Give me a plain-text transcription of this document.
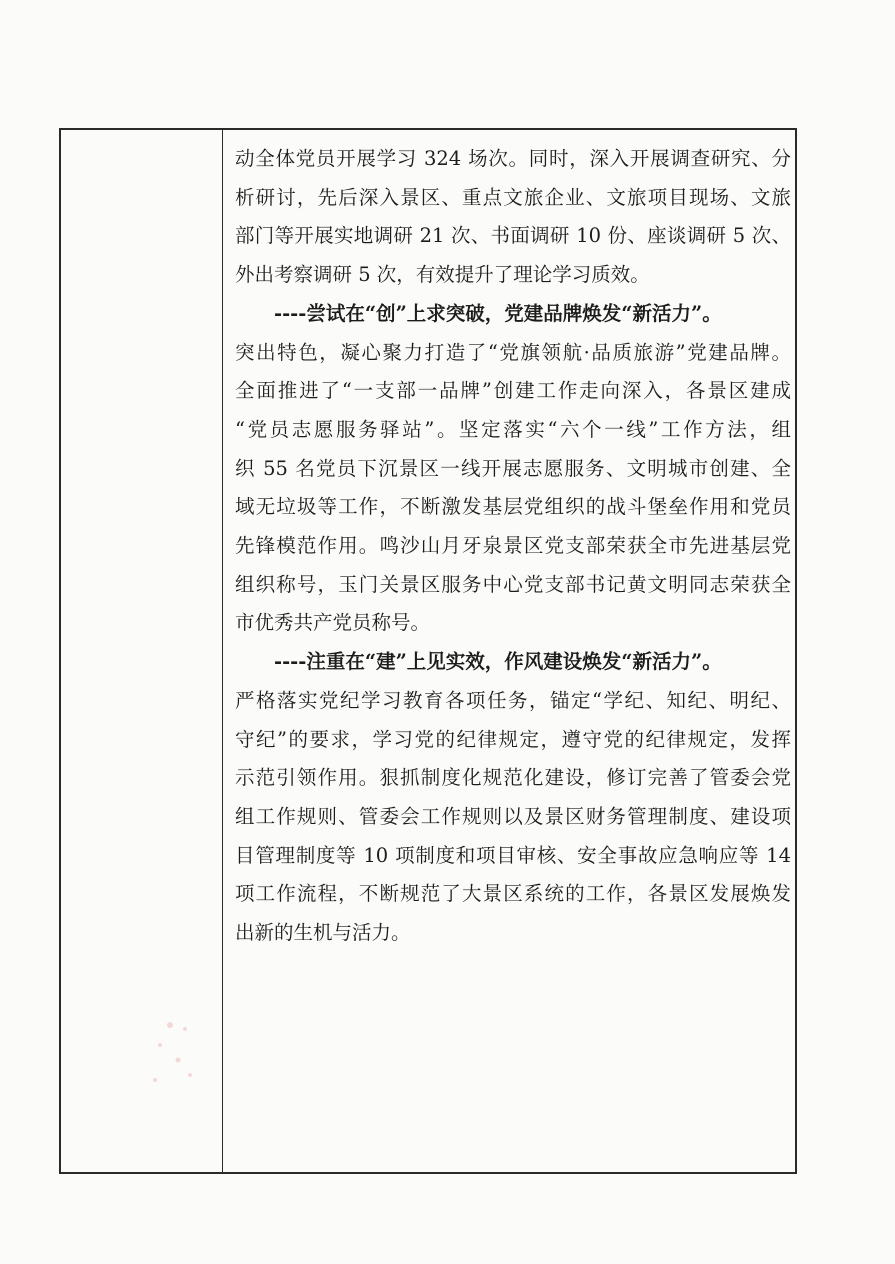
动全体党员开展学习 324 场次。同时，深入开展调查研究、分
析研讨，先后深入景区、重点文旅企业、文旅项目现场、文旅
部门等开展实地调研 21 次、书面调研 10 份、座谈调研 5 次、
外出考察调研 5 次，有效提升了理论学习质效。

----尝试在“创”上求突破，党建品牌焕发“新活力”。

突出特色，凝心聚力打造了“党旗领航·品质旅游”党建品牌。
全面推进了“一支部一品牌”创建工作走向深入，各景区建成
“党员志愿服务驿站”。坚定落实“六个一线”工作方法，组
织 55 名党员下沉景区一线开展志愿服务、文明城市创建、全
域无垃圾等工作，不断激发基层党组织的战斗堡垒作用和党员
先锋模范作用。鸣沙山月牙泉景区党支部荣获全市先进基层党
组织称号，玉门关景区服务中心党支部书记黄文明同志荣获全
市优秀共产党员称号。

----注重在“建”上见实效，作风建设焕发“新活力”。

严格落实党纪学习教育各项任务，锚定“学纪、知纪、明纪、
守纪”的要求，学习党的纪律规定，遵守党的纪律规定，发挥
示范引领作用。狠抓制度化规范化建设，修订完善了管委会党
组工作规则、管委会工作规则以及景区财务管理制度、建设项
目管理制度等 10 项制度和项目审核、安全事故应急响应等 14
项工作流程，不断规范了大景区系统的工作，各景区发展焕发
出新的生机与活力。
